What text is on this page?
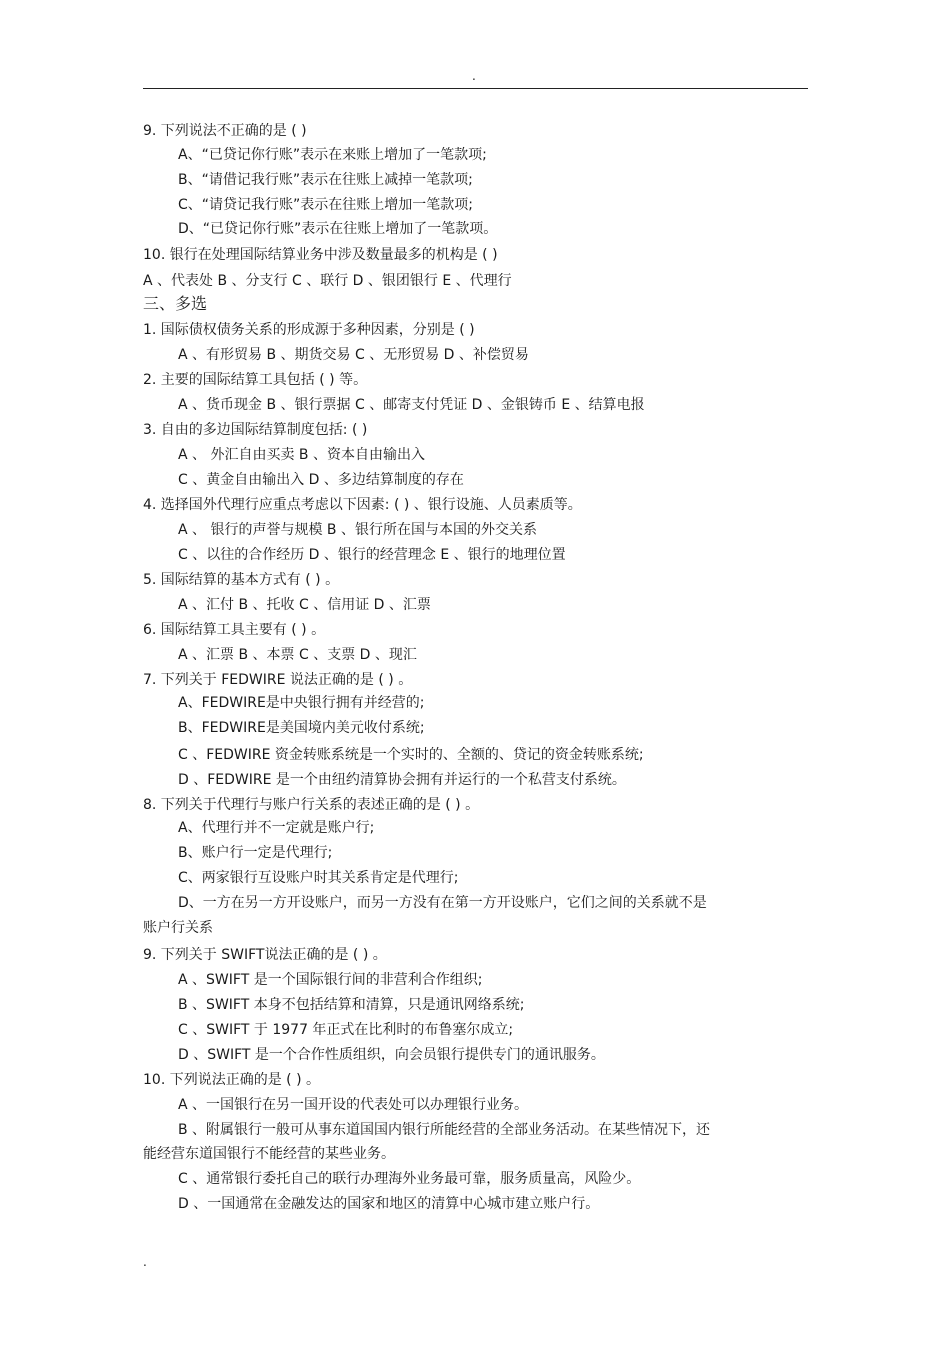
.
9. 下列说法不正确的是 ( )
A、“已贷记你行账”表示在来账上增加了一笔款项;
B、“请借记我行账”表示在往账上减掉一笔款项;
C、“请贷记我行账”表示在往账上增加一笔款项;
D、“已贷记你行账”表示在往账上增加了一笔款项。
10. 银行在处理国际结算业务中涉及数量最多的机构是 ( )
A 、代表处 B 、分支行 C 、联行 D 、银团银行 E 、代理行
三、多选
1. 国际债权债务关系的形成源于多种因素，分别是 ( )
A 、有形贸易 B 、期货交易 C 、无形贸易 D 、补偿贸易
2. 主要的国际结算工具包括 ( ) 等。
A 、货币现金 B 、银行票据 C 、邮寄支付凭证 D 、金银铸币 E 、结算电报
3. 自由的多边国际结算制度包括: ( )
A 、 外汇自由买卖 B 、资本自由输出入
C 、黄金自由输出入 D 、多边结算制度的存在
4. 选择国外代理行应重点考虑以下因素: ( ) 、银行设施、人员素质等。
A 、 银行的声誉与规模 B 、银行所在国与本国的外交关系
C 、以往的合作经历 D 、银行的经营理念 E 、银行的地理位置
5. 国际结算的基本方式有 ( ) 。
A 、汇付 B 、托收 C 、信用证 D 、汇票
6. 国际结算工具主要有 ( ) 。
A 、汇票 B 、本票 C 、支票 D 、现汇
7. 下列关于 FEDWIRE 说法正确的是 ( ) 。
A、FEDWIRE是中央银行拥有并经营的;
B、FEDWIRE是美国境内美元收付系统;
C 、FEDWIRE 资金转账系统是一个实时的、全额的、贷记的资金转账系统;
D 、FEDWIRE 是一个由纽约清算协会拥有并运行的一个私营支付系统。
8. 下列关于代理行与账户行关系的表述正确的是 ( ) 。
A、代理行并不一定就是账户行;
B、账户行一定是代理行;
C、两家银行互设账户时其关系肯定是代理行;
D、一方在另一方开设账户，而另一方没有在第一方开设账户，它们之间的关系就不是
账户行关系
9. 下列关于 SWIFT说法正确的是 ( ) 。
A 、SWIFT 是一个国际银行间的非营利合作组织;
B 、SWIFT 本身不包括结算和清算，只是通讯网络系统;
C 、SWIFT 于 1977 年正式在比利时的布鲁塞尔成立;
D 、SWIFT 是一个合作性质组织，向会员银行提供专门的通讯服务。
10. 下列说法正确的是 ( ) 。
A 、一国银行在另一国开设的代表处可以办理银行业务。
B 、附属银行一般可从事东道国国内银行所能经营的全部业务活动。在某些情况下，还
能经营东道国银行不能经营的某些业务。
C 、通常银行委托自己的联行办理海外业务最可靠，服务质量高，风险少。
D 、一国通常在金融发达的国家和地区的清算中心城市建立账户行。
.
